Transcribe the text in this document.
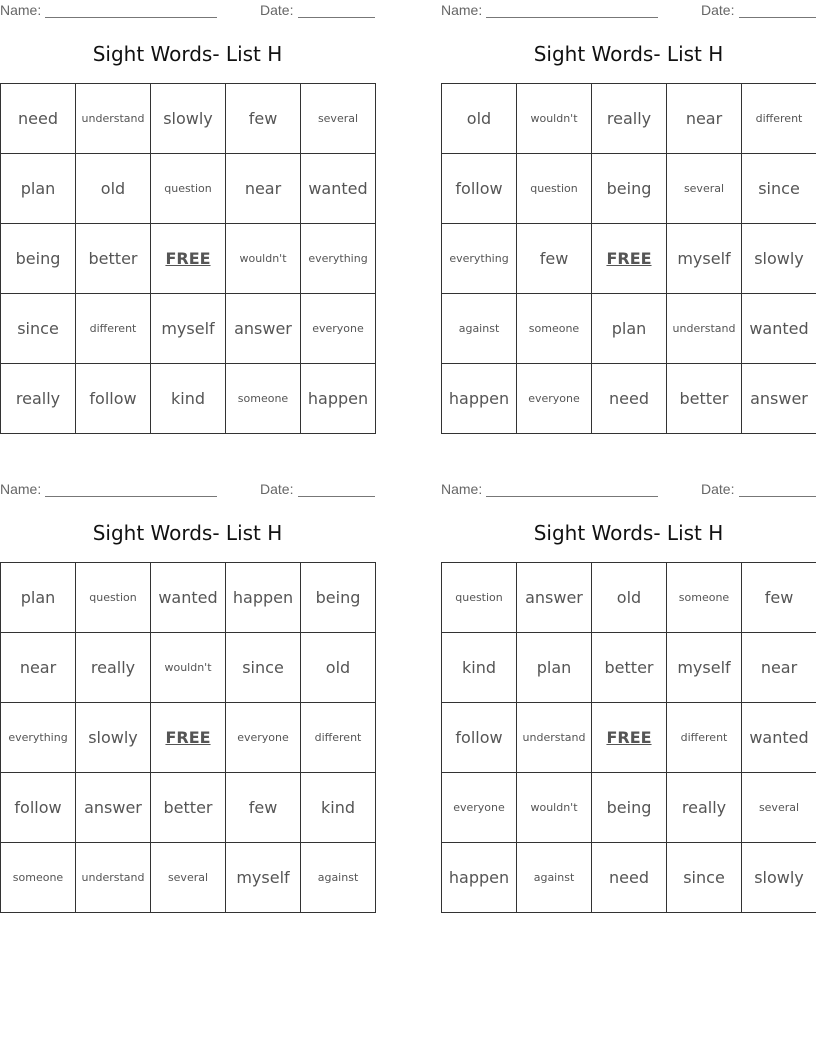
Name:	Date:
Sight Words- List H
need	understand	slowly	few	several
plan	old	question	near	wanted
being	better	FREE	wouldn't	everything
since	different	myself	answer	everyone
really	follow	kind	someone	happen
Name:	Date:
Sight Words- List H
old	wouldn't	really	near	different
follow	question	being	several	since
everything	few	FREE	myself	slowly
against	someone	plan	understand	wanted
happen	everyone	need	better	answer
Name:	Date:
Sight Words- List H
plan	question	wanted	happen	being
near	really	wouldn't	since	old
everything	slowly	FREE	everyone	different
follow	answer	better	few	kind
someone	understand	several	myself	against
Name:	Date:
Sight Words- List H
question	answer	old	someone	few
kind	plan	better	myself	near
follow	understand	FREE	different	wanted
everyone	wouldn't	being	really	several
happen	against	need	since	slowly
